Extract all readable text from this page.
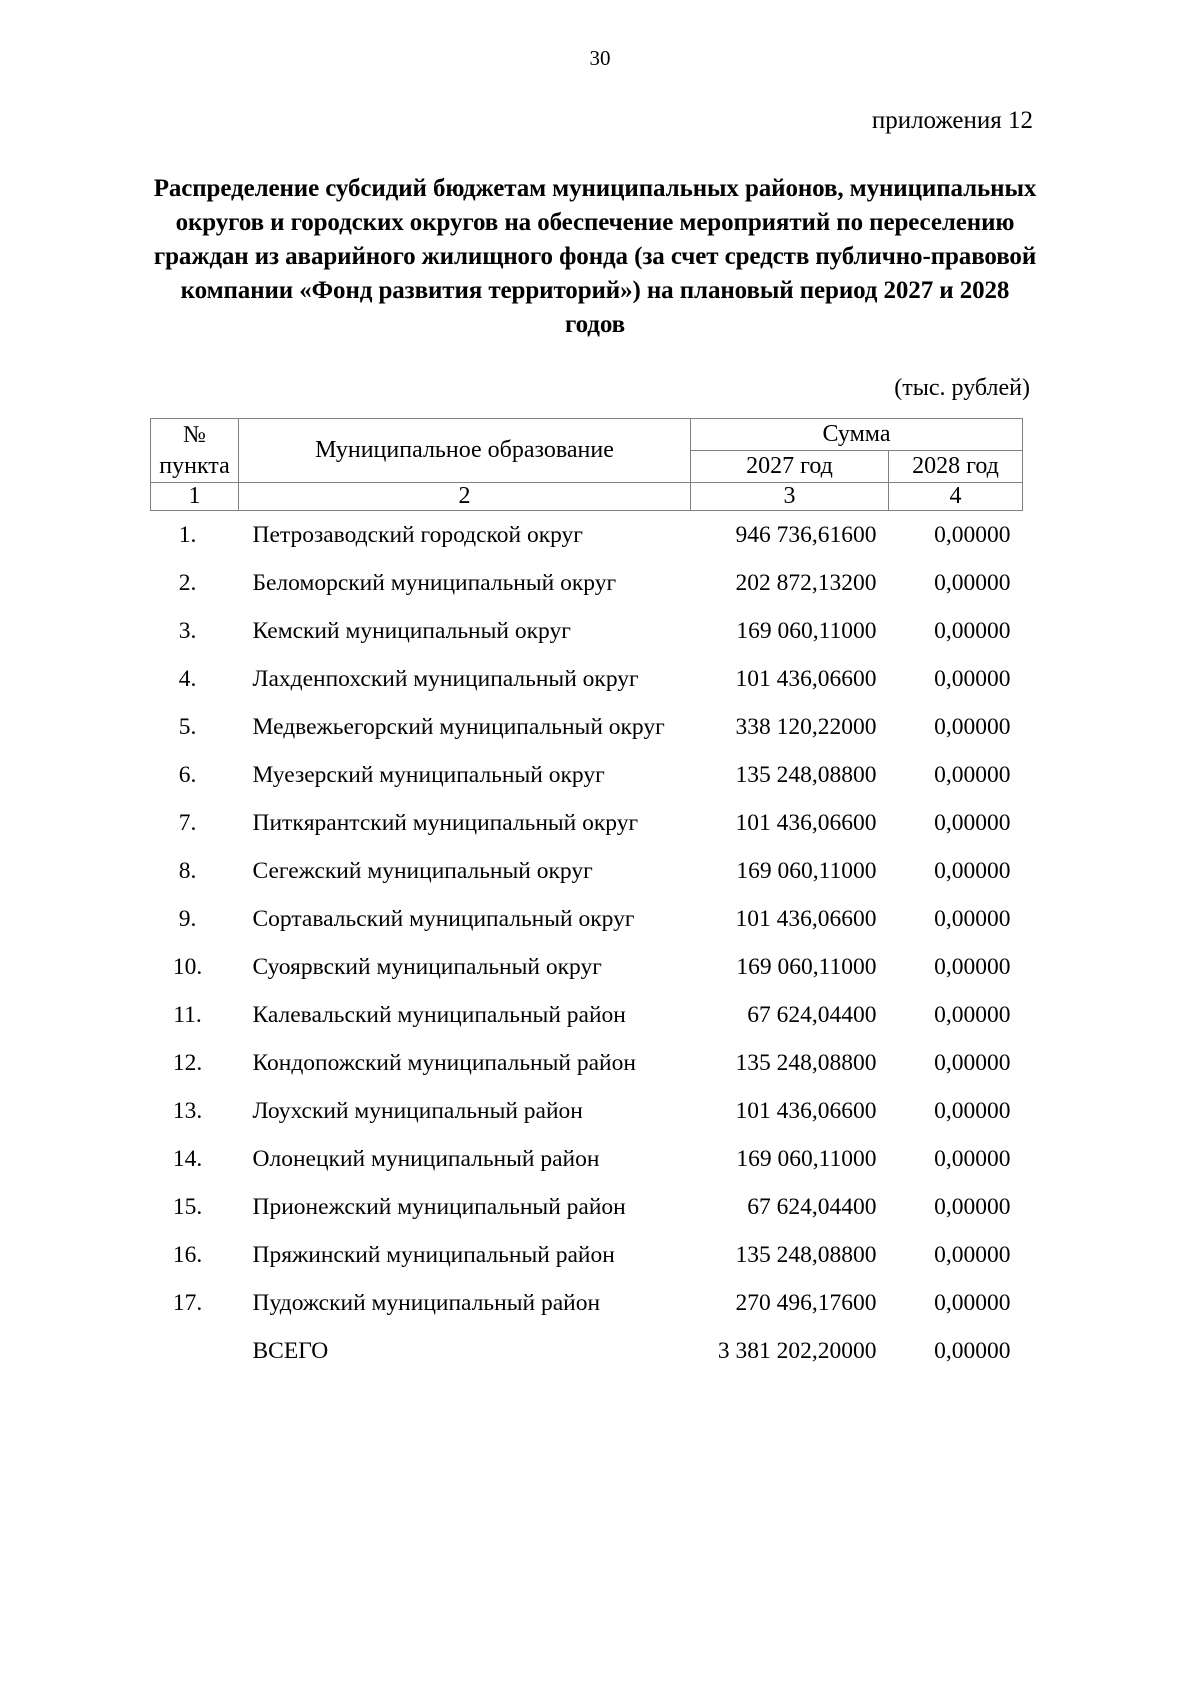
30
приложения 12
Распределение субсидий бюджетам муниципальных районов, муниципальных округов и городских округов на обеспечение мероприятий по переселению граждан из аварийного жилищного фонда (за счет средств публично-правовой компании «Фонд развития территорий») на плановый период 2027 и 2028 годов
(тыс. рублей)
№
пункта	Муниципальное образование	Сумма	
		2027 год	2028 год
1	2	3	4
1.	Петрозаводский городской округ	946 736,61600	0,00000
2.	Беломорский муниципальный округ	202 872,13200	0,00000
3.	Кемский муниципальный округ	169 060,11000	0,00000
4.	Лахденпохский муниципальный округ	101 436,06600	0,00000
5.	Медвежьегорский муниципальный округ	338 120,22000	0,00000
6.	Муезерский муниципальный округ	135 248,08800	0,00000
7.	Питкярантский муниципальный округ	101 436,06600	0,00000
8.	Сегежский муниципальный округ	169 060,11000	0,00000
9.	Сортавальский муниципальный округ	101 436,06600	0,00000
10.	Суоярвский муниципальный округ	169 060,11000	0,00000
11.	Калевальский муниципальный район	67 624,04400	0,00000
12.	Кондопожский муниципальный район	135 248,08800	0,00000
13.	Лоухский муниципальный район	101 436,06600	0,00000
14.	Олонецкий муниципальный район	169 060,11000	0,00000
15.	Прионежский муниципальный район	67 624,04400	0,00000
16.	Пряжинский муниципальный район	135 248,08800	0,00000
17.	Пудожский муниципальный район	270 496,17600	0,00000
	ВСЕГО	3 381 202,20000	0,00000
